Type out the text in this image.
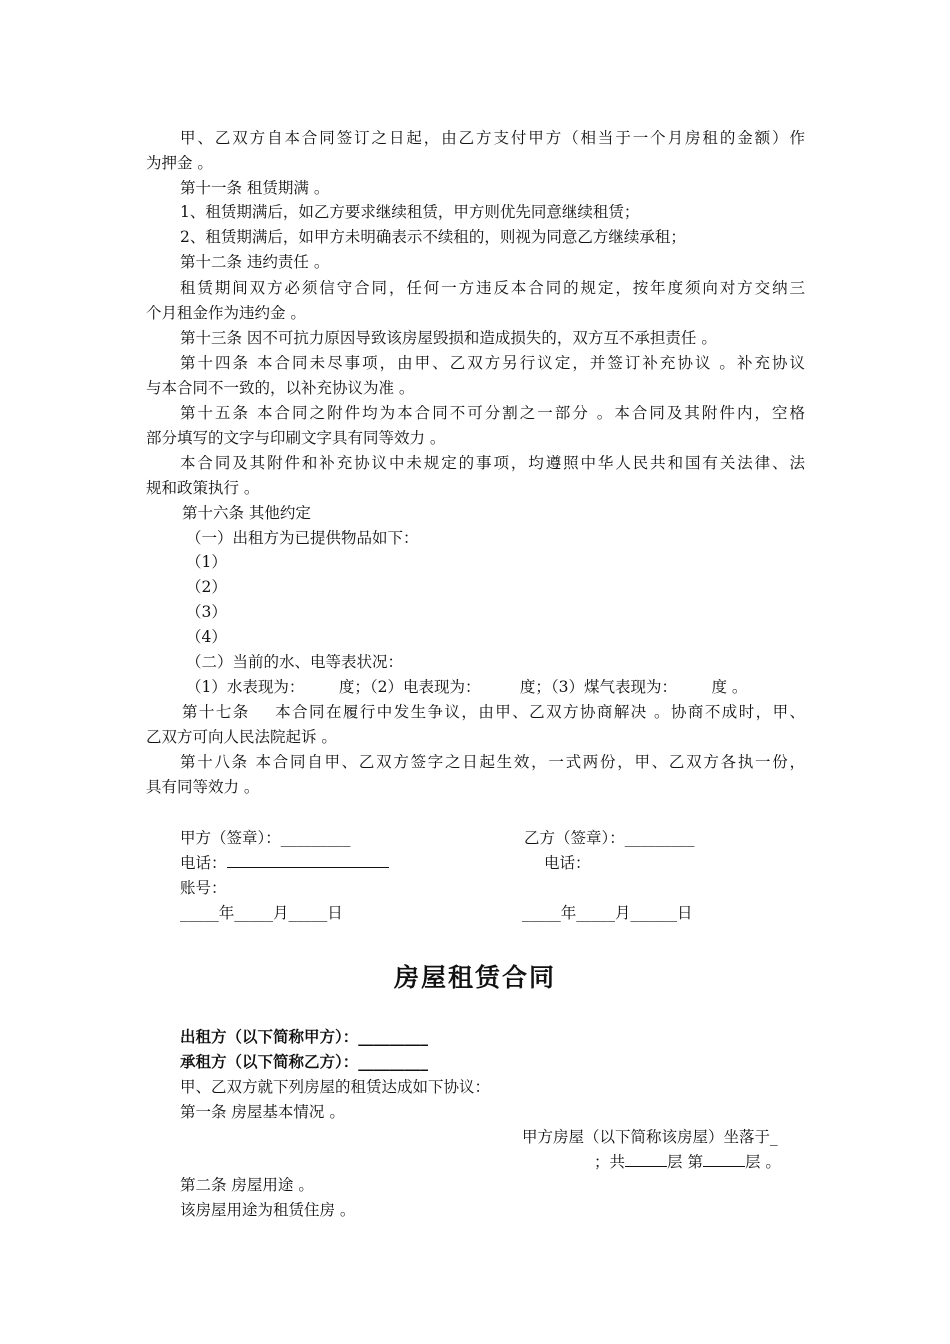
甲、乙双方自本合同签订之日起，由乙方支付甲方（相当于一个月房租的金额）作
为押金 。
第十一条 租赁期满 。
1、租赁期满后，如乙方要求继续租赁，甲方则优先同意继续租赁；
2、租赁期满后，如甲方未明确表示不续租的，则视为同意乙方继续承租；
第十二条 违约责任 。
租赁期间双方必须信守合同，任何一方违反本合同的规定，按年度须向对方交纳三
个月租金作为违约金 。
第十三条 因不可抗力原因导致该房屋毁损和造成损失的，双方互不承担责任 。
第十四条 本合同未尽事项，由甲、乙双方另行议定，并签订补充协议 。补充协议
与本合同不一致的，以补充协议为准 。
第十五条 本合同之附件均为本合同不可分割之一部分 。本合同及其附件内，空格
部分填写的文字与印刷文字具有同等效力 。
本合同及其附件和补充协议中未规定的事项，均遵照中华人民共和国有关法律、法
规和政策执行 。
第十六条 其他约定
（一）出租方为已提供物品如下：
（1）
（2）
（3）
（4）
（二）当前的水、电等表状况：
（1）水表现为：       度；（2）电表现为：        度；（3）煤气表现为：       度 。
第十七条    本合同在履行中发生争议，由甲、乙双方协商解决 。协商不成时，甲、
乙双方可向人民法院起诉 。
第十八条 本合同自甲、乙双方签字之日起生效，一式两份，甲、乙双方各执一份，
具有同等效力 。
甲方（签章）：_________	乙方（签章）：_________
电话：	电话：
账号：
_____年_____月_____日	_____年_____月______日
房屋租赁合同
出租方（以下简称甲方）：_________
承租方（以下简称乙方）：_________
甲、乙双方就下列房屋的租赁达成如下协议：
第一条 房屋基本情况 。
甲方房屋（以下简称该房屋）坐落于_
；共	层 第	层 。
第二条 房屋用途 。
该房屋用途为租赁住房 。
